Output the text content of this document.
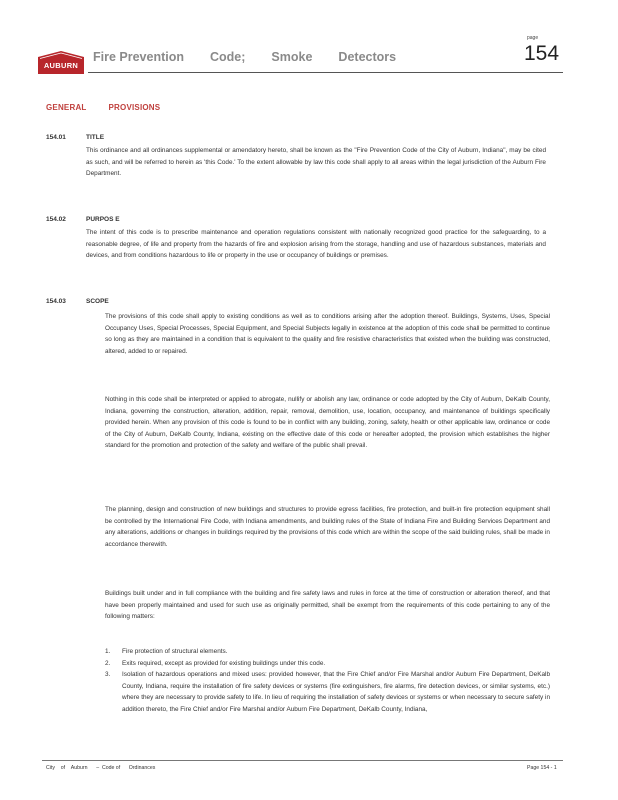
AUBURN
Fire Prevention Code; Smoke Detectors
page
154
GENERAL	PROVISIONS
154.01	TITLE
This ordinance and all ordinances supplemental or amendatory hereto, shall be known as the "Fire Prevention Code of the City of Auburn, Indiana", may be cited as such, and will be referred to herein as 'this Code.' To the extent allowable by law this code shall apply to all areas within the legal jurisdiction of the Auburn Fire Department.
154.02	PURPOS E
The intent of this code is to prescribe maintenance and operation regulations consistent with nationally recognized good practice for the safeguarding, to a reasonable degree, of life and property from the hazards of fire and explosion arising from the storage, handling and use of hazardous substances, materials and devices, and from conditions hazardous to life or property in the use or occupancy of buildings or premises.
154.03	SCOPE
The provisions of this code shall apply to existing conditions as well as to conditions arising after the adoption thereof. Buildings, Systems, Uses, Special Occupancy Uses, Special Processes, Special Equipment, and Special Subjects legally in existence at the adoption of this code shall be permitted to continue so long as they are maintained in a condition that is equivalent to the quality and fire resistive characteristics that existed when the building was constructed, altered, added to or repaired.
Nothing in this code shall be interpreted or applied to abrogate, nullify or abolish any law, ordinance or code adopted by the City of Auburn, DeKalb County, Indiana, governing the construction, alteration, addition, repair, removal, demolition, use, location, occupancy, and maintenance of buildings specifically provided herein. When any provision of this code is found to be in conflict with any building, zoning, safety, health or other applicable law, ordinance or code of the City of Auburn, DeKalb County, Indiana, existing on the effective date of this code or hereafter adopted, the provision which establishes the higher standard for the promotion and protection of the safety and welfare of the public shall prevail.
The planning, design and construction of new buildings and structures to provide egress facilities, fire protection, and built-in fire protection equipment shall be controlled by the International Fire Code, with Indiana amendments, and building rules of the State of Indiana Fire and Building Services Department and any alterations, additions or changes in buildings required by the provisions of this code which are within the scope of the said building rules, shall be made in accordance therewith.
Buildings built under and in full compliance with the building and fire safety laws and rules in force at the time of construction or alteration thereof, and that have been properly maintained and used for such use as originally permitted, shall be exempt from the requirements of this code pertaining to any of the following matters:
1. Fire protection of structural elements.
2. Exits required, except as provided for existing buildings under this code.
3. Isolation of hazardous operations and mixed uses: provided however, that the Fire Chief and/or Fire Marshal and/or Auburn Fire Department, DeKalb County, Indiana, require the installation of fire safety devices or systems (fire extinguishers, fire alarms, fire detection devices, or similar systems, etc.) where they are necessary to provide safety to life. In lieu of requiring the installation of safety devices or systems or when necessary to secure safety in addition thereto, the Fire Chief and/or Fire Marshal and/or Auburn Fire Department, DeKalb County, Indiana,
City of Auburn – Code of Ordinances	Page 154 - 1
